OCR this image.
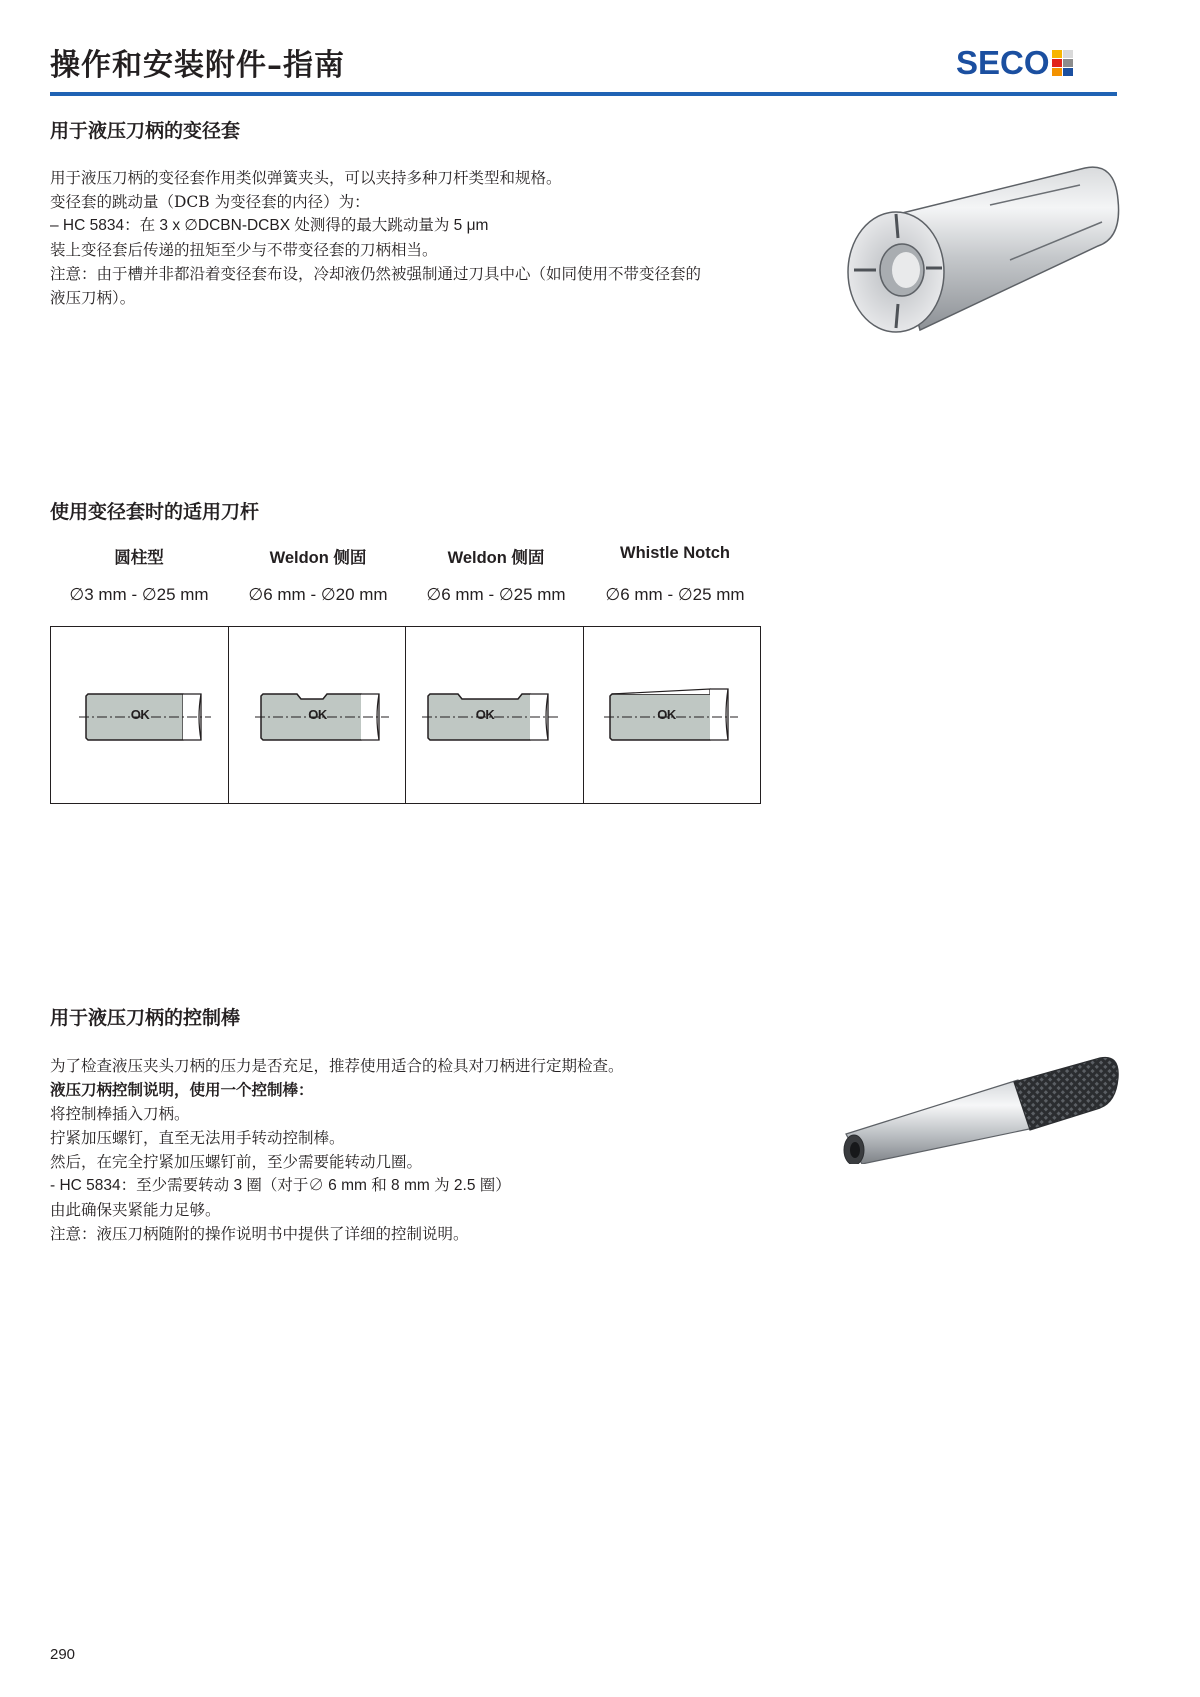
操作和安装附件–指南	SECO
用于液压刀柄的变径套
用于液压刀柄的变径套作用类似弹簧夹头，可以夹持多种刀杆类型和规格。
变径套的跳动量（DCB 为变径套的内径）为：
– HC 5834：在 3 x ∅DCBN-DCBX 处测得的最大跳动量为 5 μm
装上变径套后传递的扭矩至少与不带变径套的刀柄相当。
注意：由于槽并非都沿着变径套布设，冷却液仍然被强制通过刀具中心（如同使用不带变径套的
液压刀柄）。
使用变径套时的适用刀杆
圆柱型	Weldon 侧固	Weldon 侧固	Whistle Notch
∅3 mm - ∅25 mm	∅6 mm - ∅20 mm	∅6 mm - ∅25 mm	∅6 mm - ∅25 mm
OK	OK	OK	OK
用于液压刀柄的控制棒
为了检查液压夹头刀柄的压力是否充足，推荐使用适合的检具对刀柄进行定期检查。
液压刀柄控制说明，使用一个控制棒：
将控制棒插入刀柄。
拧紧加压螺钉，直至无法用手转动控制棒。
然后，在完全拧紧加压螺钉前，至少需要能转动几圈。
- HC 5834：至少需要转动 3 圈（对于∅ 6 mm 和 8 mm 为 2.5 圈）
由此确保夹紧能力足够。
注意：液压刀柄随附的操作说明书中提供了详细的控制说明。
290
